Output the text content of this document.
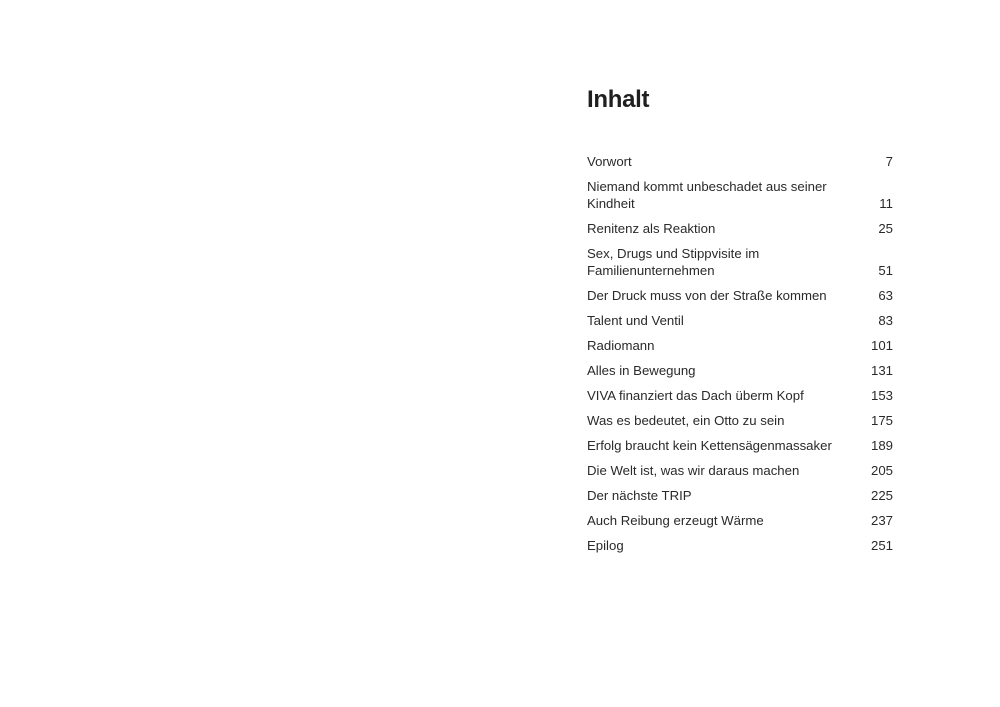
Inhalt
Vorwort	7
Niemand kommt unbeschadet aus seiner Kindheit	11
Renitenz als Reaktion	25
Sex, Drugs und Stippvisite im Familienunternehmen	51
Der Druck muss von der Straße kommen	63
Talent und Ventil	83
Radiomann	101
Alles in Bewegung	131
VIVA finanziert das Dach überm Kopf	153
Was es bedeutet, ein Otto zu sein	175
Erfolg braucht kein Kettensägenmassaker	189
Die Welt ist, was wir daraus machen	205
Der nächste TRIP	225
Auch Reibung erzeugt Wärme	237
Epilog	251
